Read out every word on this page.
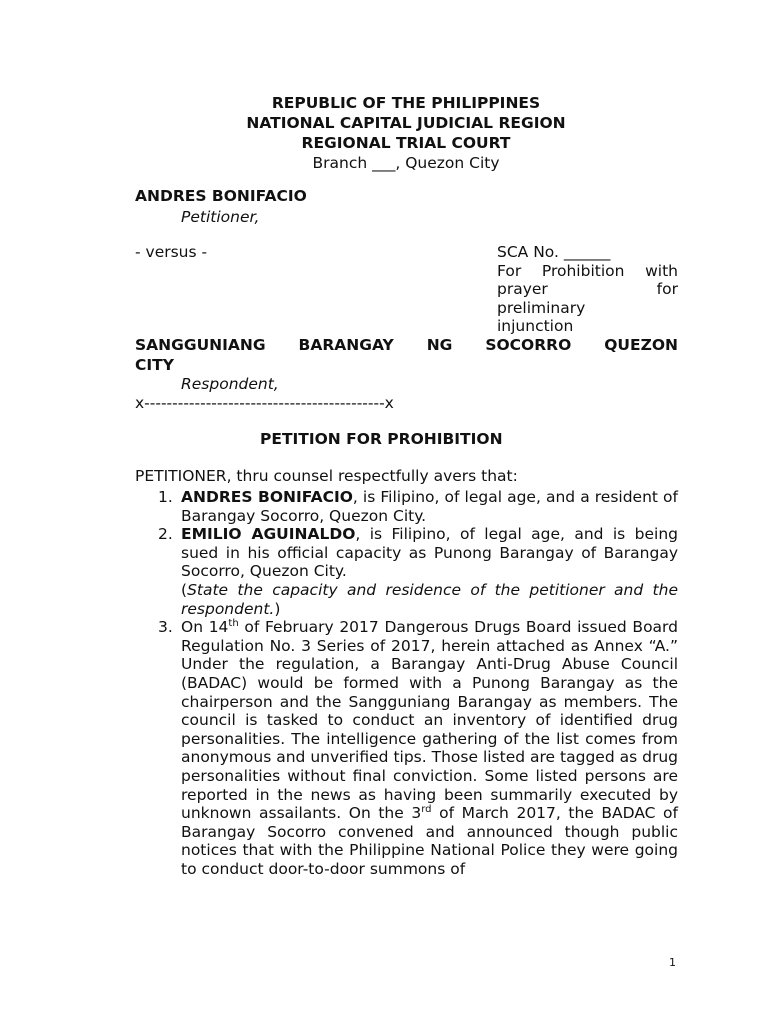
REPUBLIC OF THE PHILIPPINES
NATIONAL CAPITAL JUDICIAL REGION
REGIONAL TRIAL COURT
Branch ___, Quezon City
ANDRES BONIFACIO
Petitioner,
- versus -	SCA No. ______
For Prohibition with
prayer for
preliminary
injunction
SANGGUNIANG BARANGAY NG SOCORRO QUEZON
CITY
Respondent,
x-------------------------------------------x
PETITION FOR PROHIBITION
PETITIONER, thru counsel respectfully avers that:
1. ANDRES BONIFACIO, is Filipino, of legal age, and a resident of Barangay Socorro, Quezon City.
2. EMILIO AGUINALDO, is Filipino, of legal age, and is being sued in his official capacity as Punong Barangay of Barangay Socorro, Quezon City.
(State the capacity and residence of the petitioner and the respondent.)
3. On 14th of February 2017 Dangerous Drugs Board issued Board Regulation No. 3 Series of 2017, herein attached as Annex “A.” Under the regulation, a Barangay Anti-Drug Abuse Council (BADAC) would be formed with a Punong Barangay as the chairperson and the Sangguniang Barangay as members. The council is tasked to conduct an inventory of identified drug personalities. The intelligence gathering of the list comes from anonymous and unverified tips. Those listed are tagged as drug personalities without final conviction. Some listed persons are reported in the news as having been summarily executed by unknown assailants. On the 3rd of March 2017, the BADAC of Barangay Socorro convened and announced though public notices that with the Philippine National Police they were going to conduct door-to-door summons of
1
